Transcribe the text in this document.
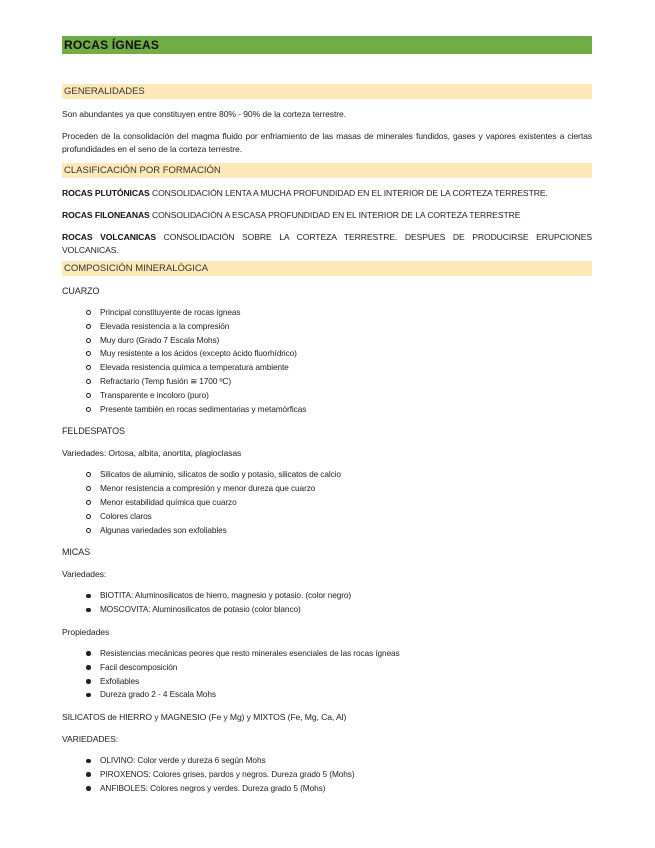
ROCAS ÍGNEAS
GENERALIDADES

Son abundantes ya que constituyen entre 80% - 90% de la corteza terrestre.

Proceden de la consolidación del magma fluido por enfriamiento de las masas de minerales fundidos, gases y vapores existentes a ciertas profundidades en el seno de la corteza terrestre.

CLASIFICACIÓN POR FORMACIÓN

ROCAS PLUTÓNICAS CONSOLIDACIÓN LENTA A MUCHA PROFUNDIDAD EN EL INTERIOR DE LA CORTEZA TERRESTRE.

ROCAS FILONEANAS CONSOLIDACIÓN A ESCASA PROFUNDIDAD EN EL INTERIOR DE LA CORTEZA TERRESTRE

ROCAS VOLCANICAS CONSOLIDACIÓN SOBRE LA CORTEZA TERRESTRE. DESPUES DE PRODUCIRSE ERUPCIONES VOLCANICAS.

COMPOSICIÓN MINERALÓGICA

CUARZO

Principal constituyente de rocas ígneas
Elevada resistencia a la compresión
Muy duro (Grado 7 Escala Mohs)
Muy resistente a los ácidos (excepto ácido fluorhídrico)
Elevada resistencia química a temperatura ambiente
Refractario (Temp fusión ≅ 1700 ºC)
Transparente e incoloro (puro)
Presente también en rocas sedimentarias y metamórficas

FELDESPATOS

Variedades: Ortosa, albita, anortita, plagioclasas

Silicatos de aluminio, silicatos de sodio y potasio, silicatos de calcio
Menor resistencia a compresión y menor dureza que cuarzo
Menor estabilidad química que cuarzo
Colores claros
Algunas variedades son exfoliables

MICAS

Variedades:

BIOTITA: Aluminosilicatos de hierro, magnesio y potasio. (color negro)
MOSCOVITA: Aluminosilicatos de potasio (color blanco)

Propiedades

Resistencias mecánicas peores que resto minerales esenciales de las rocas ígneas
Facil descomposición
Exfoliables
Dureza grado 2 - 4 Escala Mohs

SILICATOS de HIERRO y MAGNESIO (Fe y Mg) y MIXTOS (Fe, Mg, Ca, Al)

VARIEDADES:

OLIVINO: Color verde y dureza 6 según Mohs
PIROXENOS: Colores grises, pardos y negros. Dureza grado 5 (Mohs)
ANFIBOLES: Colores negros y verdes. Dureza grado 5 (Mohs)
